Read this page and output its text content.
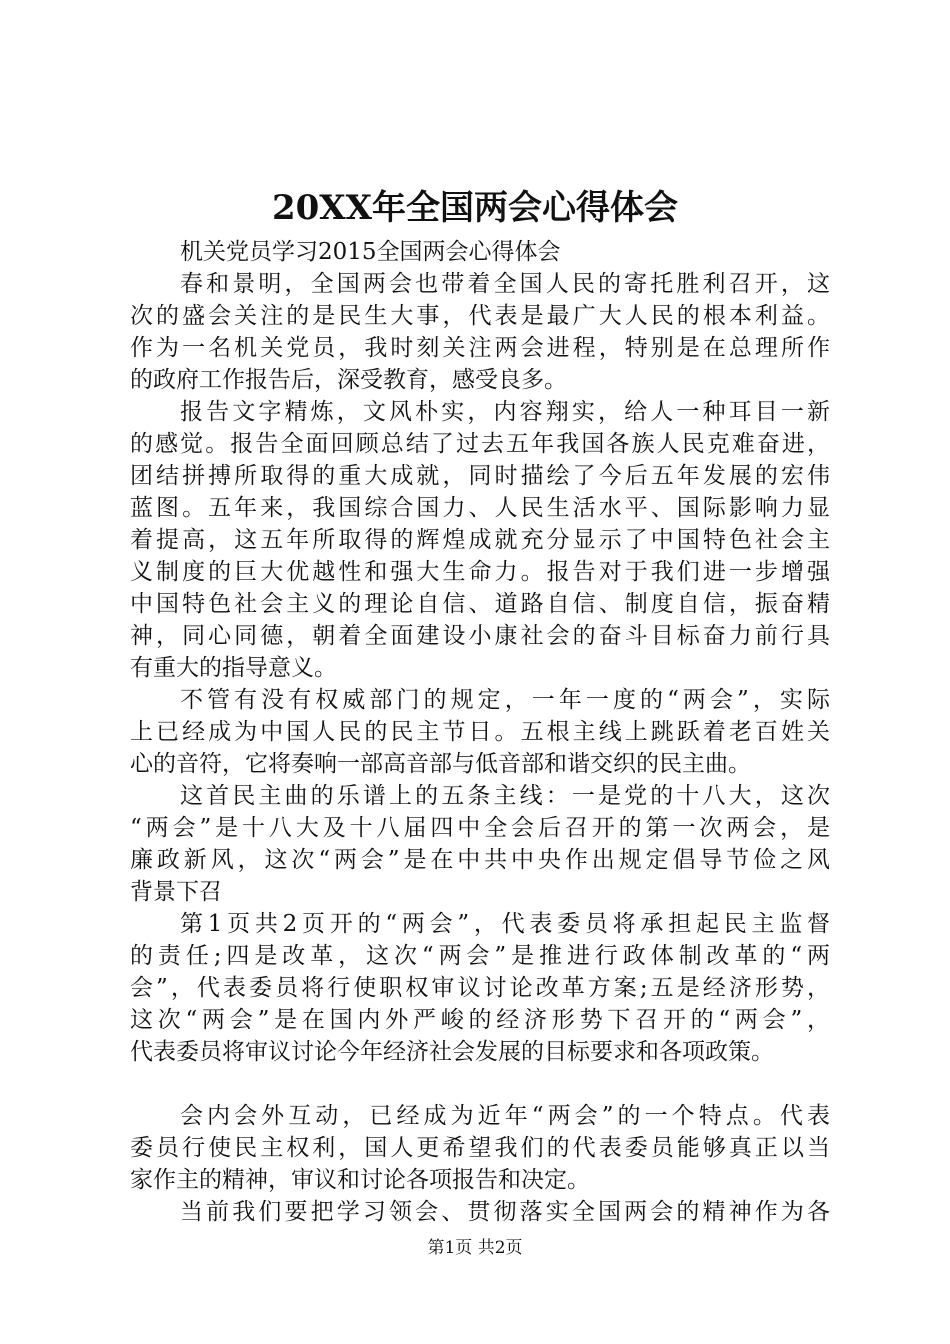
20XX年全国两会心得体会
机关党员学习2015全国两会心得体会
春和景明，全国两会也带着全国人民的寄托胜利召开，这
次的盛会关注的是民生大事，代表是最广大人民的根本利益。
作为一名机关党员，我时刻关注两会进程，特别是在总理所作
的政府工作报告后，深受教育，感受良多。
报告文字精炼，文风朴实，内容翔实，给人一种耳目一新
的感觉。报告全面回顾总结了过去五年我国各族人民克难奋进，
团结拼搏所取得的重大成就，同时描绘了今后五年发展的宏伟
蓝图。五年来，我国综合国力、人民生活水平、国际影响力显
着提高，这五年所取得的辉煌成就充分显示了中国特色社会主
义制度的巨大优越性和强大生命力。报告对于我们进一步增强
中国特色社会主义的理论自信、道路自信、制度自信，振奋精
神，同心同德，朝着全面建设小康社会的奋斗目标奋力前行具
有重大的指导意义。
不管有没有权威部门的规定，一年一度的“两会”，实际
上已经成为中国人民的民主节日。五根主线上跳跃着老百姓关
心的音符，它将奏响一部高音部与低音部和谐交织的民主曲。
这首民主曲的乐谱上的五条主线：一是党的十八大，这次
“两会”是十八大及十八届四中全会后召开的第一次两会，是
廉政新风，这次“两会”是在中共中央作出规定倡导节俭之风
背景下召
第1页共2页开的“两会”，代表委员将承担起民主监督
的责任;四是改革，这次“两会”是推进行政体制改革的“两
会”，代表委员将行使职权审议讨论改革方案;五是经济形势，
这次“两会”是在国内外严峻的经济形势下召开的“两会”，
代表委员将审议讨论今年经济社会发展的目标要求和各项政策。
会内会外互动，已经成为近年“两会”的一个特点。代表
委员行使民主权利，国人更希望我们的代表委员能够真正以当
家作主的精神，审议和讨论各项报告和决定。
当前我们要把学习领会、贯彻落实全国两会的精神作为各
第1页 共2页
